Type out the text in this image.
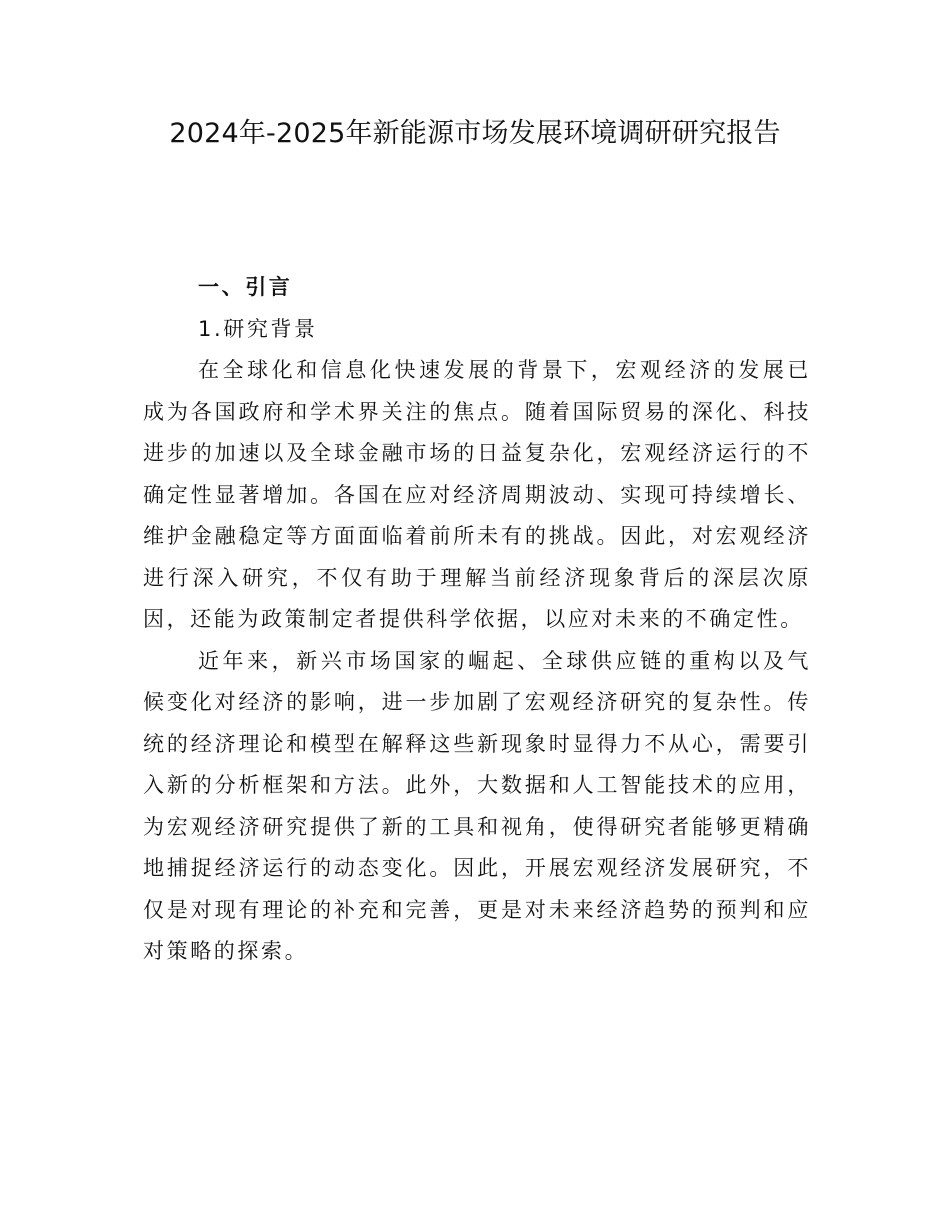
2024年-2025年新能源市场发展环境调研研究报告
一、引言
1.研究背景

在全球化和信息化快速发展的背景下，宏观经济的发展已成为各国政府和学术界关注的焦点。随着国际贸易的深化、科技进步的加速以及全球金融市场的日益复杂化，宏观经济运行的不确定性显著增加。各国在应对经济周期波动、实现可持续增长、维护金融稳定等方面面临着前所未有的挑战。因此，对宏观经济进行深入研究，不仅有助于理解当前经济现象背后的深层次原因，还能为政策制定者提供科学依据，以应对未来的不确定性。

近年来，新兴市场国家的崛起、全球供应链的重构以及气候变化对经济的影响，进一步加剧了宏观经济研究的复杂性。传统的经济理论和模型在解释这些新现象时显得力不从心，需要引入新的分析框架和方法。此外，大数据和人工智能技术的应用，为宏观经济研究提供了新的工具和视角，使得研究者能够更精确地捕捉经济运行的动态变化。因此，开展宏观经济发展研究，不仅是对现有理论的补充和完善，更是对未来经济趋势的预判和应对策略的探索。
